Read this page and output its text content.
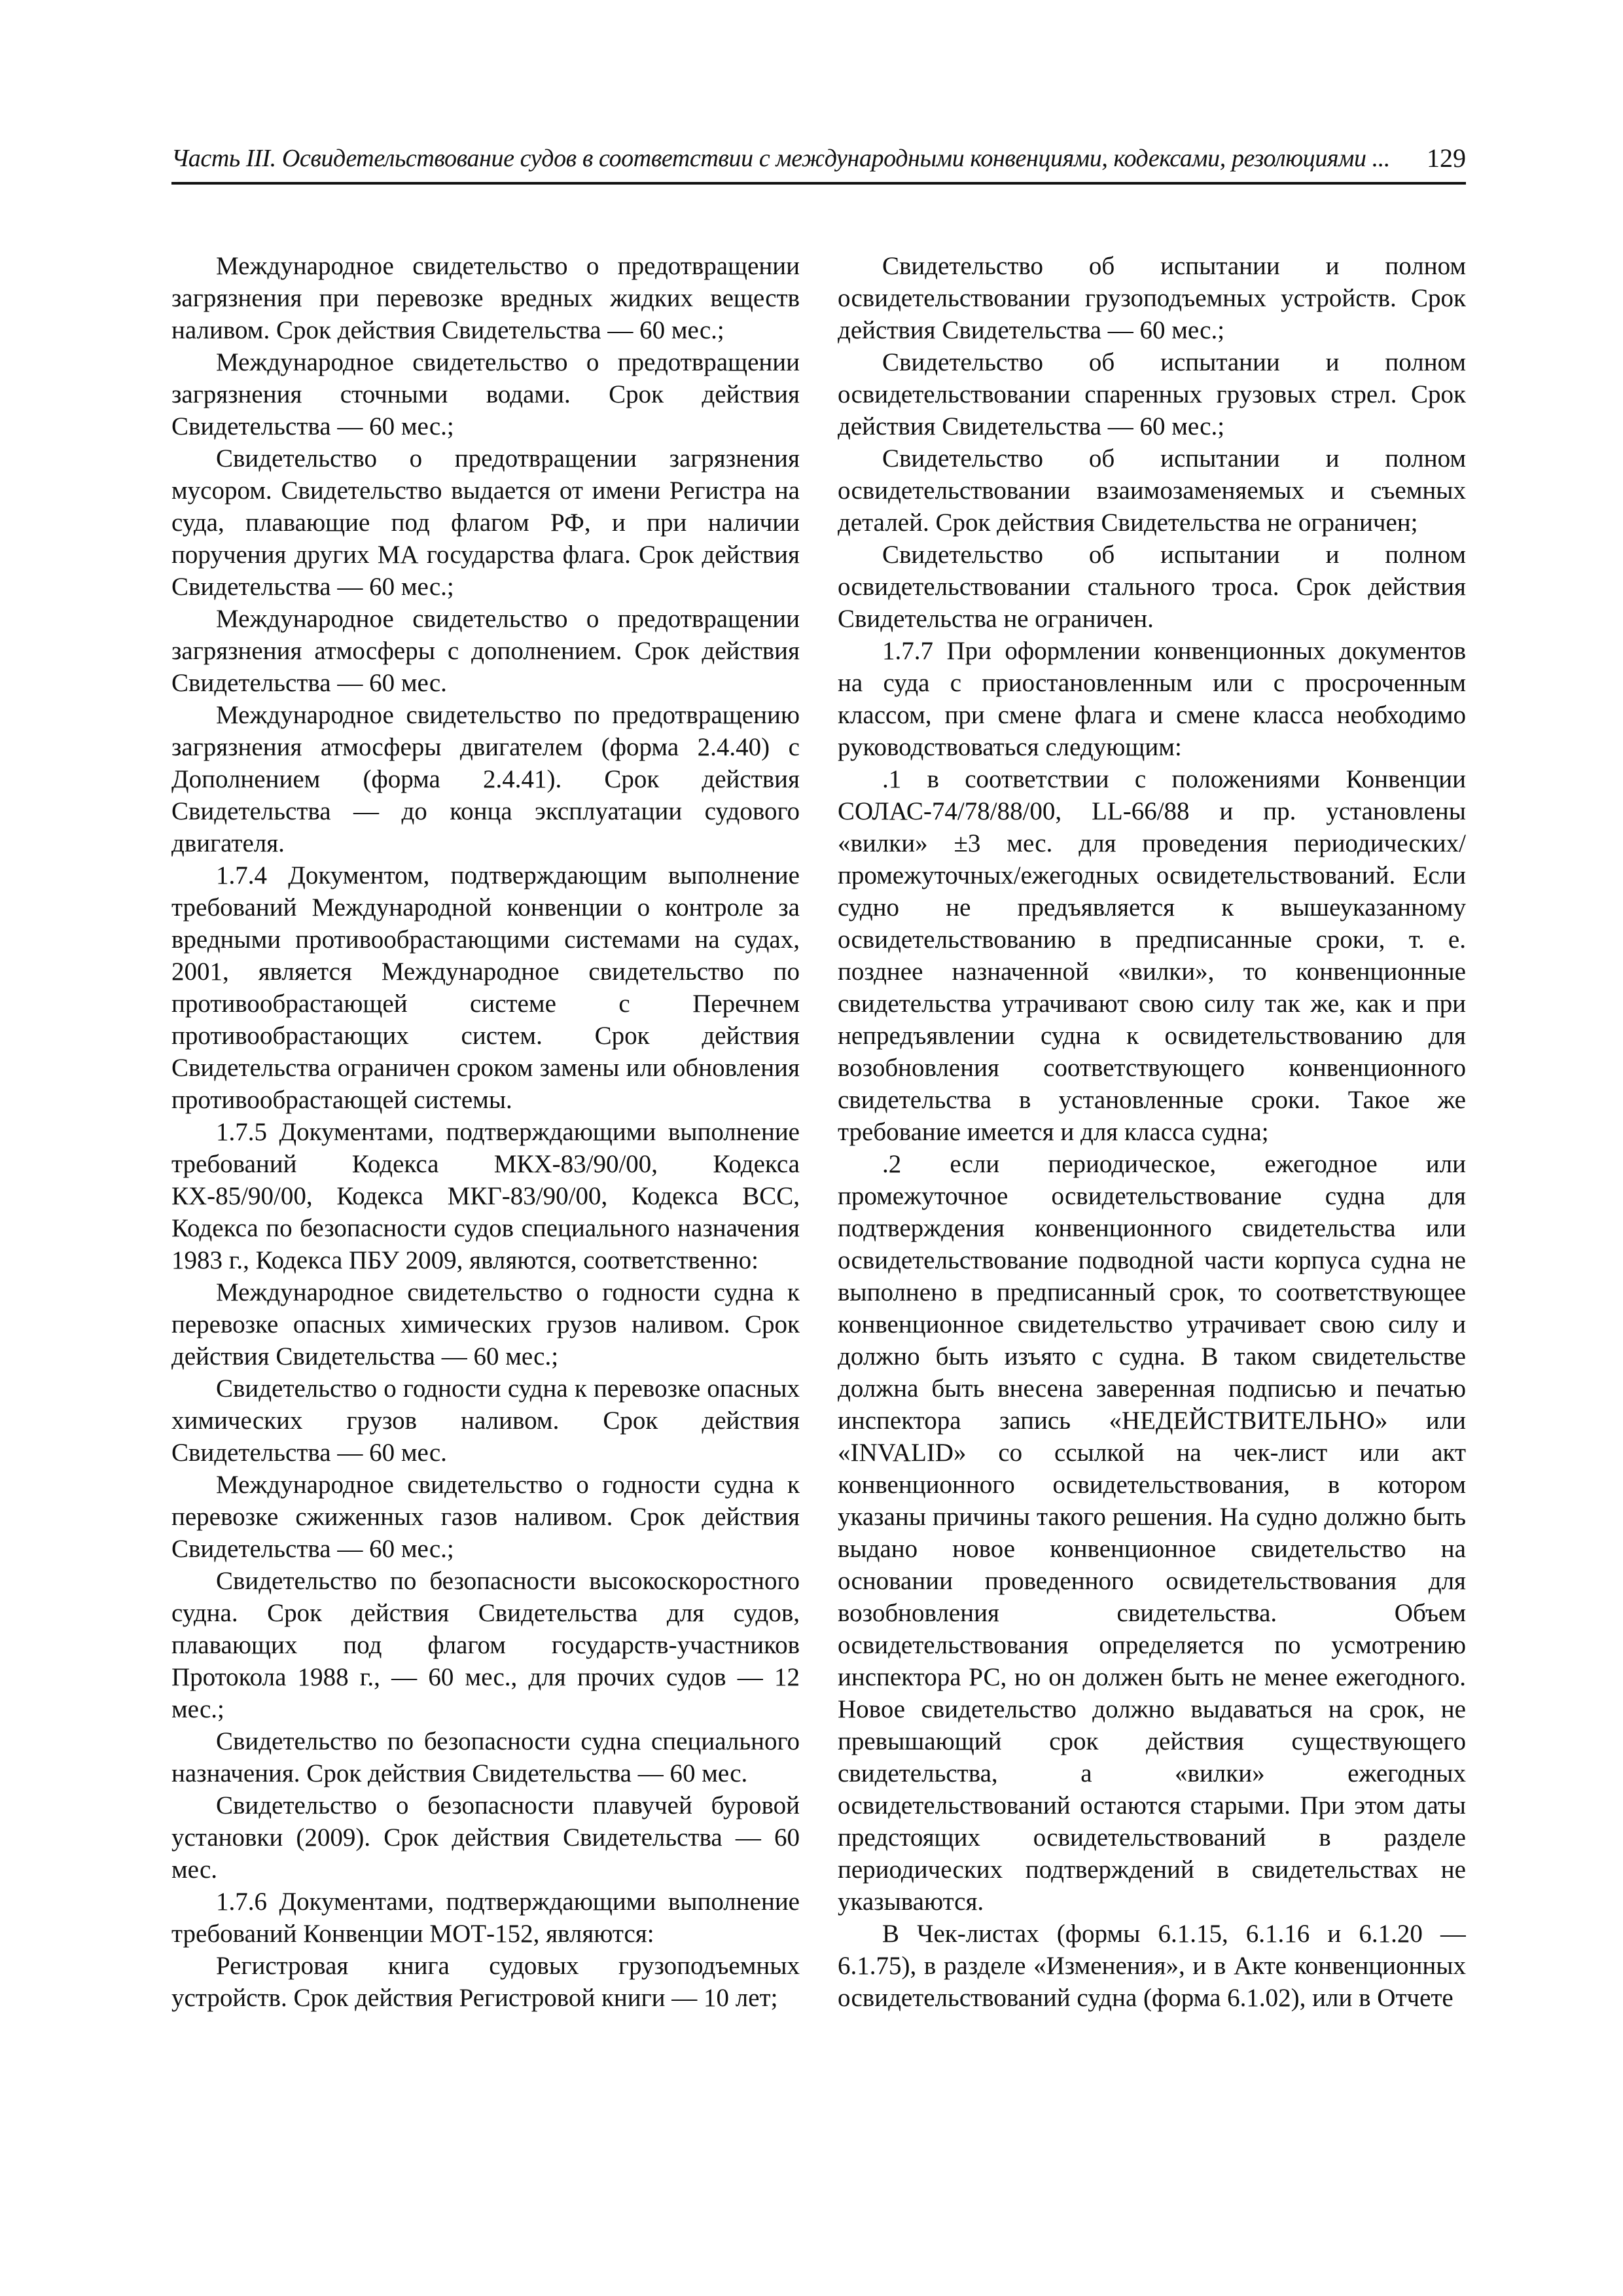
Часть III. Освидетельствование судов в соответствии с международными конвенциями, кодексами, резолюциями ... 129

Международное свидетельство о предотвращении загрязнения при перевозке вредных жидких веществ наливом. Срок действия Свидетельства — 60 мес.;

Международное свидетельство о предотвращении загрязнения сточными водами. Срок действия Свидетельства — 60 мес.;

Свидетельство о предотвращении загрязнения мусором. Свидетельство выдается от имени Регистра на суда, плавающие под флагом РФ, и при наличии поручения других МА государства флага. Срок действия Свидетельства — 60 мес.;

Международное свидетельство о предотвращении загрязнения атмосферы с дополнением. Срок действия Свидетельства — 60 мес.

Международное свидетельство по предотвращению загрязнения атмосферы двигателем (форма 2.4.40) с Дополнением (форма 2.4.41). Срок действия Свидетельства — до конца эксплуатации судового двигателя.

1.7.4 Документом, подтверждающим выполнение требований Международной конвенции о контроле за вредными противообрастающими системами на судах, 2001, является Международное свидетельство по противообрастающей системе с Перечнем противообрастающих систем. Срок действия Свидетельства ограничен сроком замены или обновления противообрастающей системы.

1.7.5 Документами, подтверждающими выполнение требований Кодекса МКХ-83/90/00, Кодекса КХ-85/90/00, Кодекса МКГ-83/90/00, Кодекса ВСС, Кодекса по безопасности судов специального назначения 1983 г., Кодекса ПБУ 2009, являются, соответственно:

Международное свидетельство о годности судна к перевозке опасных химических грузов наливом. Срок действия Свидетельства — 60 мес.;

Свидетельство о годности судна к перевозке опасных химических грузов наливом. Срок действия Свидетельства — 60 мес.

Международное свидетельство о годности судна к перевозке сжиженных газов наливом. Срок действия Свидетельства — 60 мес.;

Свидетельство по безопасности высокоскоростного судна. Срок действия Свидетельства для судов, плавающих под флагом государств-участников Протокола 1988 г., — 60 мес., для прочих судов — 12 мес.;

Свидетельство по безопасности судна специального назначения. Срок действия Свидетельства — 60 мес.

Свидетельство о безопасности плавучей буровой установки (2009). Срок действия Свидетельства — 60 мес.

1.7.6 Документами, подтверждающими выполнение требований Конвенции МОТ-152, являются:

Регистровая книга судовых грузоподъемных устройств. Срок действия Регистровой книги — 10 лет;

Свидетельство об испытании и полном освидетельствовании грузоподъемных устройств. Срок действия Свидетельства — 60 мес.;

Свидетельство об испытании и полном освидетельствовании спаренных грузовых стрел. Срок действия Свидетельства — 60 мес.;

Свидетельство об испытании и полном освидетельствовании взаимозаменяемых и съемных деталей. Срок действия Свидетельства не ограничен;

Свидетельство об испытании и полном освидетельствовании стального троса. Срок действия Свидетельства не ограничен.

1.7.7 При оформлении конвенционных документов на суда с приостановленным или с просроченным классом, при смене флага и смене класса необходимо руководствоваться следующим:

.1 в соответствии с положениями Конвенции СОЛАС-74/78/88/00, LL-66/88 и пр. установлены «вилки» ±3 мес. для проведения периодических/промежуточных/ежегодных освидетельствований. Если судно не предъявляется к вышеуказанному освидетельствованию в предписанные сроки, т. е. позднее назначенной «вилки», то конвенционные свидетельства утрачивают свою силу так же, как и при непредъявлении судна к освидетельствованию для возобновления соответствующего конвенционного свидетельства в установленные сроки. Такое же требование имеется и для класса судна;

.2 если периодическое, ежегодное или промежуточное освидетельствование судна для подтверждения конвенционного свидетельства или освидетельствование подводной части корпуса судна не выполнено в предписанный срок, то соответствующее конвенционное свидетельство утрачивает свою силу и должно быть изъято с судна. В таком свидетельстве должна быть внесена заверенная подписью и печатью инспектора запись «НЕДЕЙСТВИТЕЛЬНО» или «INVALID» со ссылкой на чек-лист или акт конвенционного освидетельствования, в котором указаны причины такого решения. На судно должно быть выдано новое конвенционное свидетельство на основании проведенного освидетельствования для возобновления свидетельства. Объем освидетельствования определяется по усмотрению инспектора РС, но он должен быть не менее ежегодного. Новое свидетельство должно выдаваться на срок, не превышающий срок действия существующего свидетельства, а «вилки» ежегодных освидетельствований остаются старыми. При этом даты предстоящих освидетельствований в разделе периодических подтверждений в свидетельствах не указываются.

В Чек-листах (формы 6.1.15, 6.1.16 и 6.1.20 — 6.1.75), в разделе «Изменения», и в Акте конвенционных освидетельствований судна (форма 6.1.02), или в Отчете
